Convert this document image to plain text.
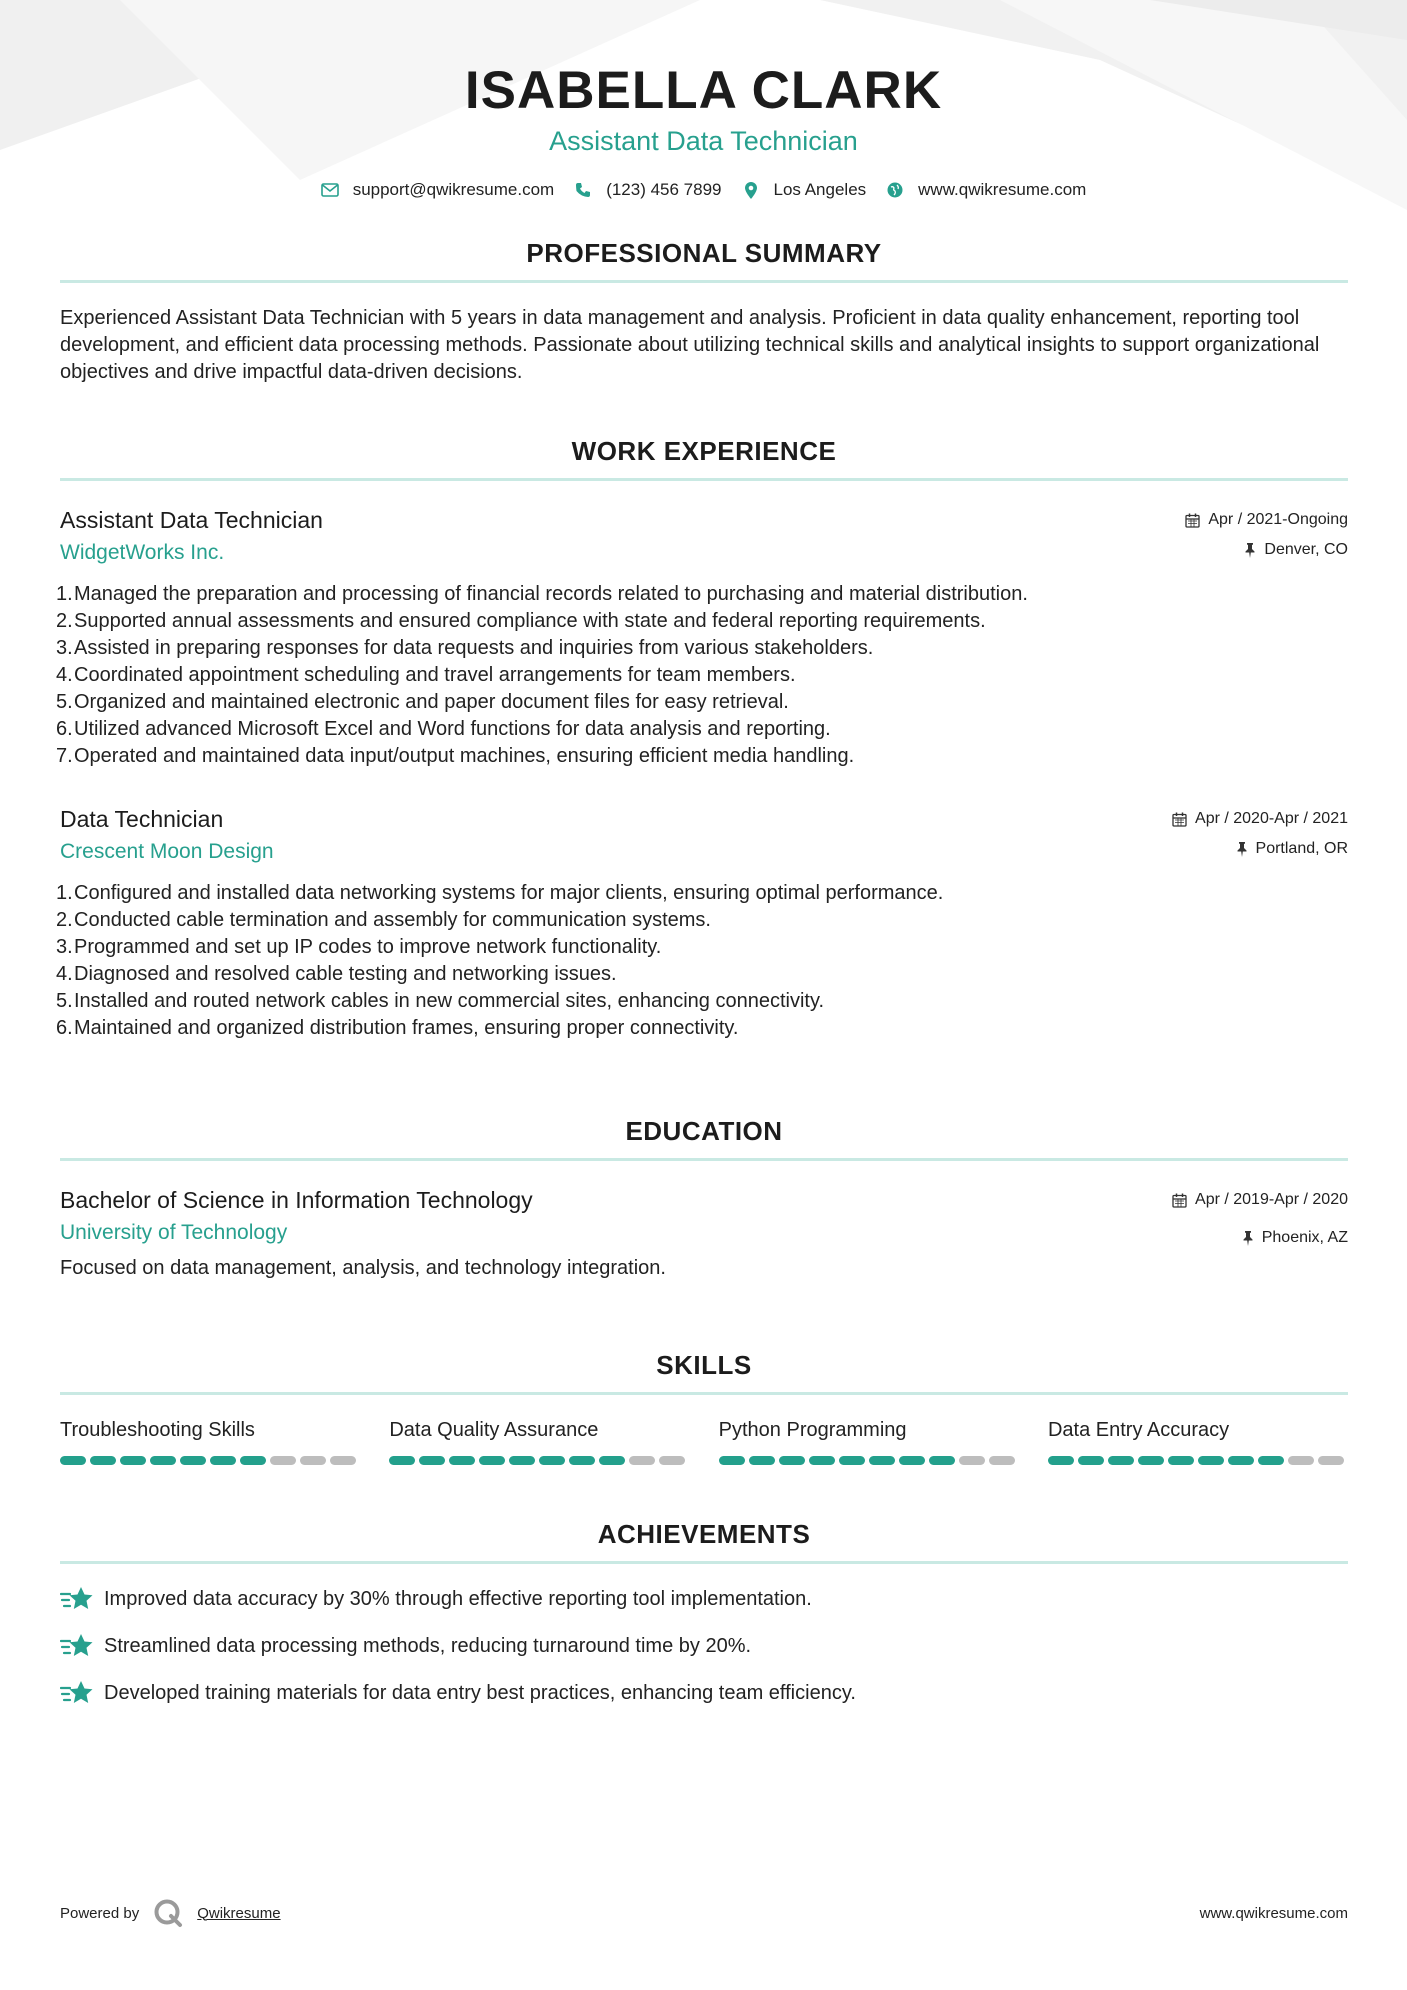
ISABELLA CLARK
Assistant Data Technician
support@qwikresume.com	(123) 456 7899	Los Angeles	www.qwikresume.com
PROFESSIONAL SUMMARY
Experienced Assistant Data Technician with 5 years in data management and analysis. Proficient in data quality enhancement, reporting tool development, and efficient data processing methods. Passionate about utilizing technical skills and analytical insights to support organizational objectives and drive impactful data-driven decisions.
WORK EXPERIENCE
Assistant Data Technician
WidgetWorks Inc.
Apr / 2021-Ongoing
Denver, CO
1. Managed the preparation and processing of financial records related to purchasing and material distribution.
2. Supported annual assessments and ensured compliance with state and federal reporting requirements.
3. Assisted in preparing responses for data requests and inquiries from various stakeholders.
4. Coordinated appointment scheduling and travel arrangements for team members.
5. Organized and maintained electronic and paper document files for easy retrieval.
6. Utilized advanced Microsoft Excel and Word functions for data analysis and reporting.
7. Operated and maintained data input/output machines, ensuring efficient media handling.
Data Technician
Crescent Moon Design
Apr / 2020-Apr / 2021
Portland, OR
1. Configured and installed data networking systems for major clients, ensuring optimal performance.
2. Conducted cable termination and assembly for communication systems.
3. Programmed and set up IP codes to improve network functionality.
4. Diagnosed and resolved cable testing and networking issues.
5. Installed and routed network cables in new commercial sites, enhancing connectivity.
6. Maintained and organized distribution frames, ensuring proper connectivity.
EDUCATION
Bachelor of Science in Information Technology
University of Technology
Apr / 2019-Apr / 2020
Phoenix, AZ
Focused on data management, analysis, and technology integration.
SKILLS
Troubleshooting Skills	Data Quality Assurance	Python Programming	Data Entry Accuracy
ACHIEVEMENTS
Improved data accuracy by 30% through effective reporting tool implementation.
Streamlined data processing methods, reducing turnaround time by 20%.
Developed training materials for data entry best practices, enhancing team efficiency.
Powered by	Qwikresume	www.qwikresume.com
